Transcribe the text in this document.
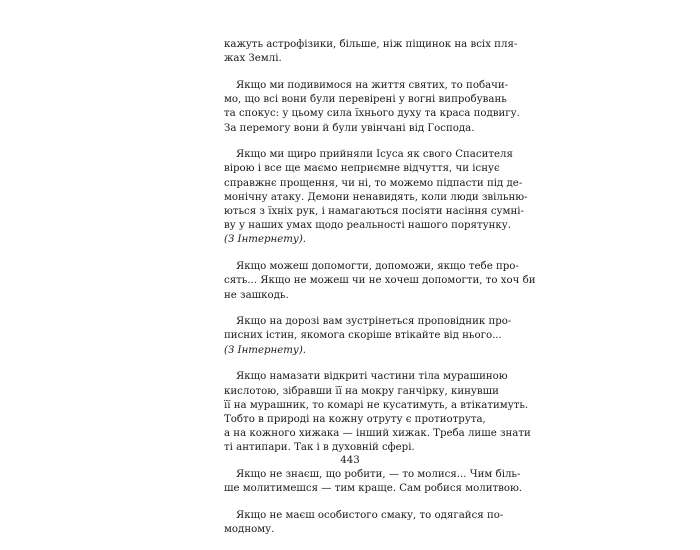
кажуть астрофізики, більше, ніж піщинок на всіх пля-
жах Землі.

Якщо ми подивимося на життя святих, то побачи-
мо, що всі вони були перевірені у вогні випробувань
та спокус: у цьому сила їхнього духу та краса подвигу.
За перемогу вони й були увінчані від Господа.

Якщо ми щиро прийняли Ісуса як свого Спасителя
вірою і все ще маємо неприємне відчуття, чи існує
справжнє прощення, чи ні, то можемо підпасти під де-
монічну атаку. Демони ненавидять, коли люди звільню-
ються з їхніх рук, і намагаються посіяти насіння сумні-
ву у наших умах щодо реальності нашого порятунку.
(З Інтернету).

Якщо можеш допомогти, допоможи, якщо тебе про-
сять... Якщо не можеш чи не хочеш допомогти, то хоч би
не зашкодь.

Якщо на дорозі вам зустрінеться проповідник про-
писних істин, якомога скоріше втікайте від нього...
(З Інтернету).

Якщо намазати відкриті частини тіла мурашиною
кислотою, зібравши її на мокру ганчірку, кинувши
її на мурашник, то комарі не кусатимуть, а втікатимуть.
Тобто в природі на кожну отруту є протиотрута,
а на кожного хижака — інший хижак. Треба лише знати
ті антипари. Так і в духовній сфері.

Якщо не знаєш, що робити, — то молися... Чим біль-
ше молитимешся — тим краще. Сам робися молитвою.

Якщо не маєш особистого смаку, то одягайся по-
модному.

443
